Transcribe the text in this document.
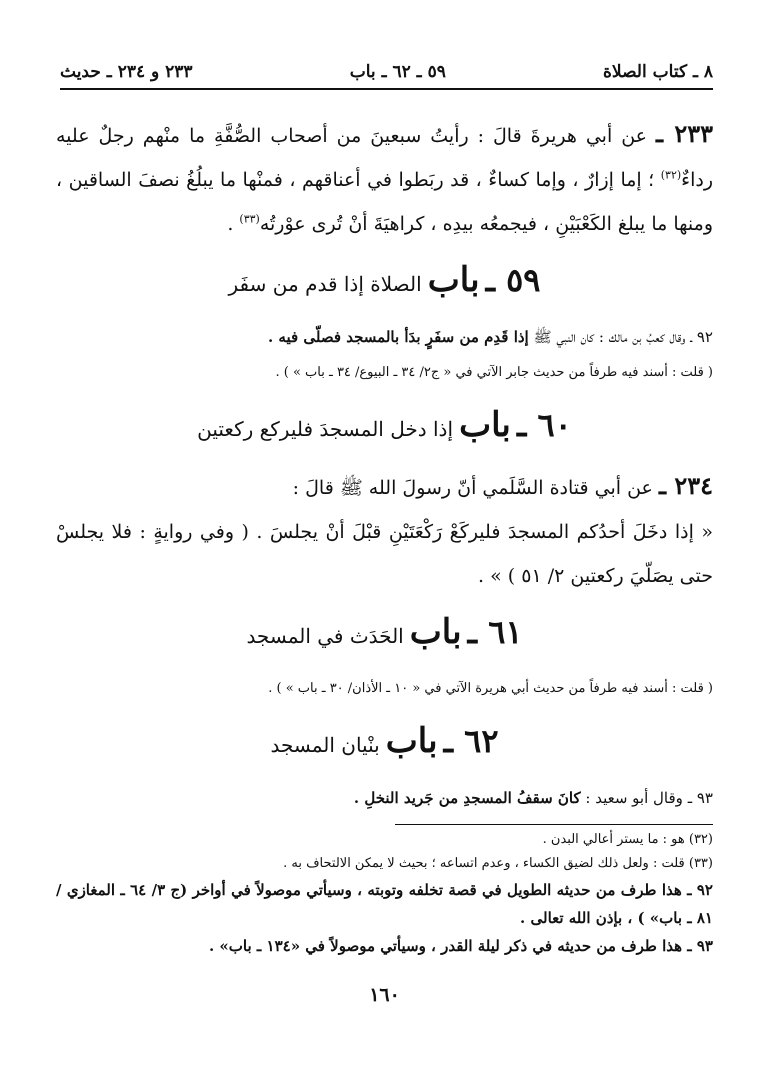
٨ ـ كتاب الصلاة
٥٩ ـ ٦٢ ـ باب
٢٣٣ و ٢٣٤ ـ حديث

٢٣٣ ـ عن أبي هريرةَ قالَ : رأيتُ سبعينَ من أصحاب الصُّفَّةِ ما منْهم رجلٌ عليه رداءٌ$^{(٣٢)}$ ؛ إما إزارٌ ، وإما كساءٌ ، قد ربَطوا في أعناقهم ، فمنْها ما يبلُغُ نصفَ الساقين ، ومنها ما يبلغ الكَعْبَيْنِ ، فيجمعُه بيدِه ، كراهيَةَ أنْ تُرى عوْرتُه$^{(٣٣)}$ .

٥٩ ـ باب الصلاة إذا قدم من سفَر

٩٢ ـ وقال كعبُ بن مالك : كان النبي ﷺ إذا قَدِم من سفَرٍ بدَأ بالمسجد فصلّى فيه .

( قلت : أسند فيه طرفاً من حديث جابر الآتي في « ج٢/ ٣٤ ـ البيوع/ ٣٤ ـ باب » ) .

٦٠ ـ باب إذا دخل المسجدَ فليركع ركعتين

٢٣٤ ـ عن أبي قتادة السَّلَمي أنّ رسولَ الله ﷺ قالَ :

« إذا دخَلَ أحدُكم المسجدَ فليركَعْ رَكْعَتَيْنِ قبْلَ أنْ يجلسَ . ( وفي روايةٍ : فلا يجلسْ حتى يصَلّيَ ركعتين ٢/ ٥١ ) » .

٦١ ـ باب الحَدَث في المسجد

( قلت : أسند فيه طرفاً من حديث أبي هريرة الآتي في « ١٠ ـ الأذان/ ٣٠ ـ باب » ) .

٦٢ ـ باب بنْيان المسجد

٩٣ ـ وقال أبو سعيد : كانَ سقفُ المسجدِ من جَريد النخلِ .

(٣٢) هو : ما يستر أعالي البدن .

(٣٣) قلت : ولعل ذلك لضيق الكساء ، وعدم اتساعه ؛ بحيث لا يمكن الالتحاف به .

٩٢ ـ هذا طرف من حديثه الطويل في قصة تخلفه وتوبته ، وسيأتي موصولاً في أواخر (ج ٣/ ٦٤ ـ المغازي /٨١ ـ باب» ) ، بإذن الله تعالى .

٩٣ ـ هذا طرف من حديثه في ذكر ليلة القدر ، وسيأتي موصولاً في «١٣٤ ـ باب» .

١٦٠
